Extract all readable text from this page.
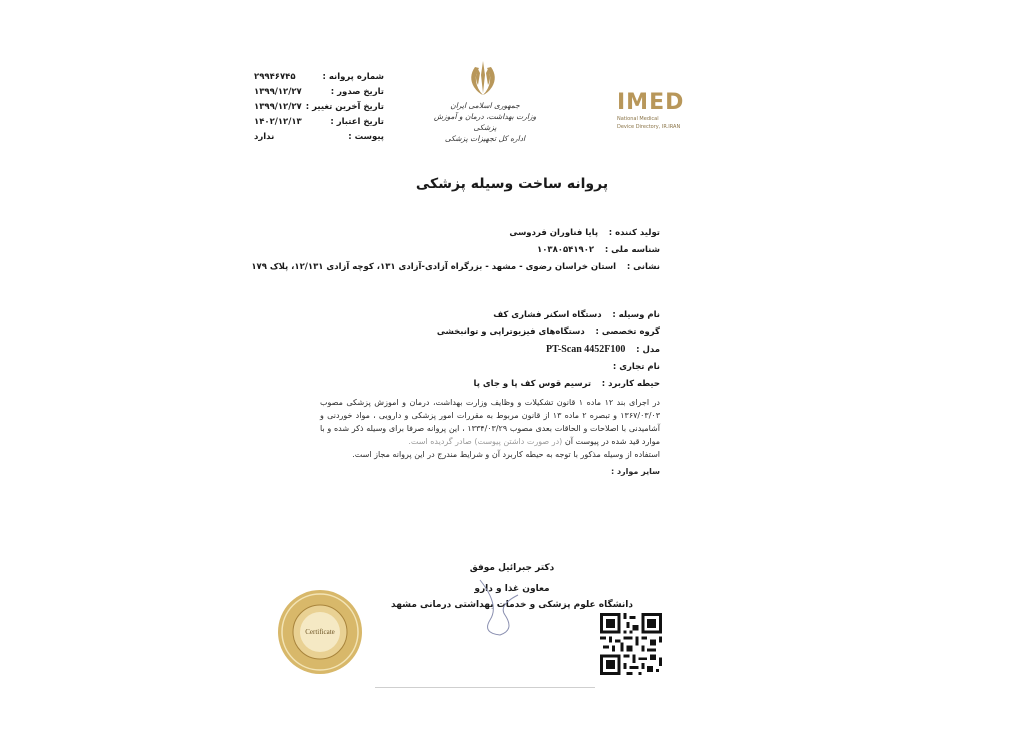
شماره پروانه :
۲۹۹۴۶۷۴۵
تاریخ صدور :
۱۳۹۹/۱۲/۲۷
تاریخ آخرین تغییر :
۱۳۹۹/۱۲/۲۷
تاریخ اعتبار :
۱۴۰۲/۱۲/۱۳
پیوست :
ندارد
جمهوری اسلامی ایران
وزارت بهداشت، درمان و آموزش پزشکی
اداره کل تجهیزات پزشکی
IMED
National Medical
Device Directory, IR.IRAN
پروانه ساخت وسیله پزشکی
تولید کننده : پایا فناوران فردوسی
شناسه ملی : ۱۰۳۸۰۵۴۱۹۰۲
نشانی : استان خراسان رضوی - مشهد - بزرگراه آزادی-آزادی ۱۳۱، کوچه آزادی ۱۲/۱۳۱، پلاک ۱۷۹
نام وسیله : دستگاه اسکنر فشاری کف
گروه تخصصی : دستگاه‌های فیزیوتراپی و توانبخشی
مدل : PT-Scan 4452F100
نام تجاری :
حیطه کاربرد : ترسیم قوس کف پا و جای پا

در اجرای بند ۱۲ ماده ۱ قانون تشکیلات و وظایف وزارت بهداشت، درمان و اموزش پزشکی مصوب ۱۳۶۷/۰۳/۰۳ و تبصره ۲ ماده ۱۳ از قانون مربوط به مقررات امور پزشکی و دارویی ، مواد خوردنی و آشامیدنی با اصلاحات و الحاقات بعدی مصوب ۱۳۳۴/۰۳/۲۹ ، این پروانه صرفا برای وسیله ذکر شده و با موارد قید شده در پیوست آن (در صورت داشتن پیوست) صادر گردیده است.

استفاده از وسیله مذکور با توجه به حیطه کاربرد آن و شرایط مندرج در این پروانه مجاز است.

سایر موارد :

دکتر جبرائیل موفق
معاون غذا و دارو
دانشگاه علوم پزشکی و خدمات بهداشتی درمانی مشهد
Certificate
